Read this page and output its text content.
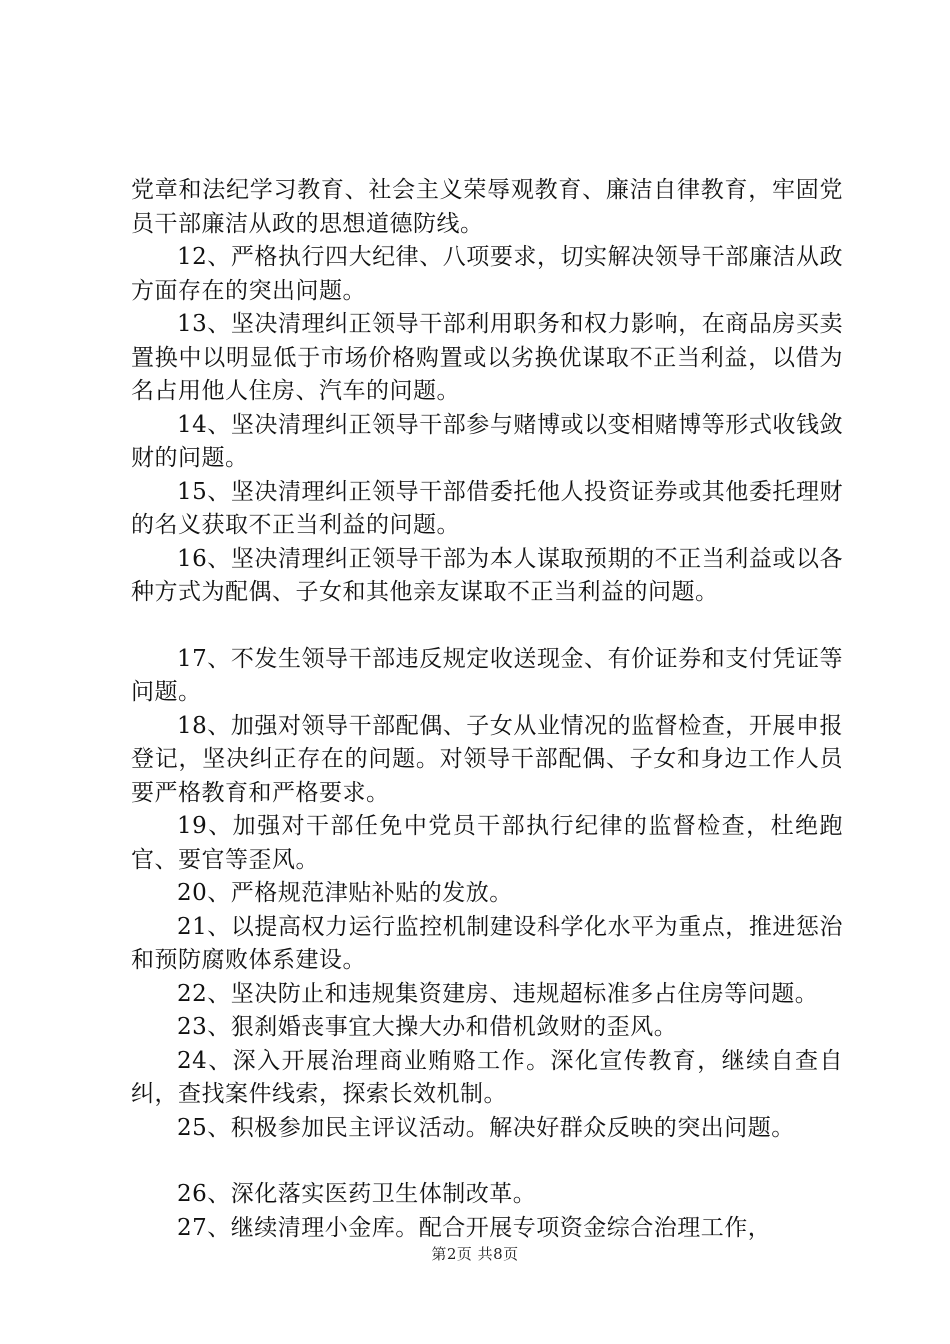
党章和法纪学习教育、社会主义荣辱观教育、廉洁自律教育，牢固党员干部廉洁从政的思想道德防线。

12、严格执行四大纪律、八项要求，切实解决领导干部廉洁从政方面存在的突出问题。

13、坚决清理纠正领导干部利用职务和权力影响，在商品房买卖置换中以明显低于市场价格购置或以劣换优谋取不正当利益，以借为名占用他人住房、汽车的问题。

14、坚决清理纠正领导干部参与赌博或以变相赌博等形式收钱敛财的问题。

15、坚决清理纠正领导干部借委托他人投资证券或其他委托理财的名义获取不正当利益的问题。

16、坚决清理纠正领导干部为本人谋取预期的不正当利益或以各种方式为配偶、子女和其他亲友谋取不正当利益的问题。

17、不发生领导干部违反规定收送现金、有价证券和支付凭证等问题。

18、加强对领导干部配偶、子女从业情况的监督检查，开展申报登记，坚决纠正存在的问题。对领导干部配偶、子女和身边工作人员要严格教育和严格要求。

19、加强对干部任免中党员干部执行纪律的监督检查，杜绝跑官、要官等歪风。

20、严格规范津贴补贴的发放。

21、以提高权力运行监控机制建设科学化水平为重点，推进惩治和预防腐败体系建设。

22、坚决防止和违规集资建房、违规超标准多占住房等问题。

23、狠刹婚丧事宜大操大办和借机敛财的歪风。

24、深入开展治理商业贿赂工作。深化宣传教育，继续自查自纠，查找案件线索，探索长效机制。

25、积极参加民主评议活动。解决好群众反映的突出问题。

26、深化落实医药卫生体制改革。

27、继续清理小金库。配合开展专项资金综合治理工作，

第2页 共8页
